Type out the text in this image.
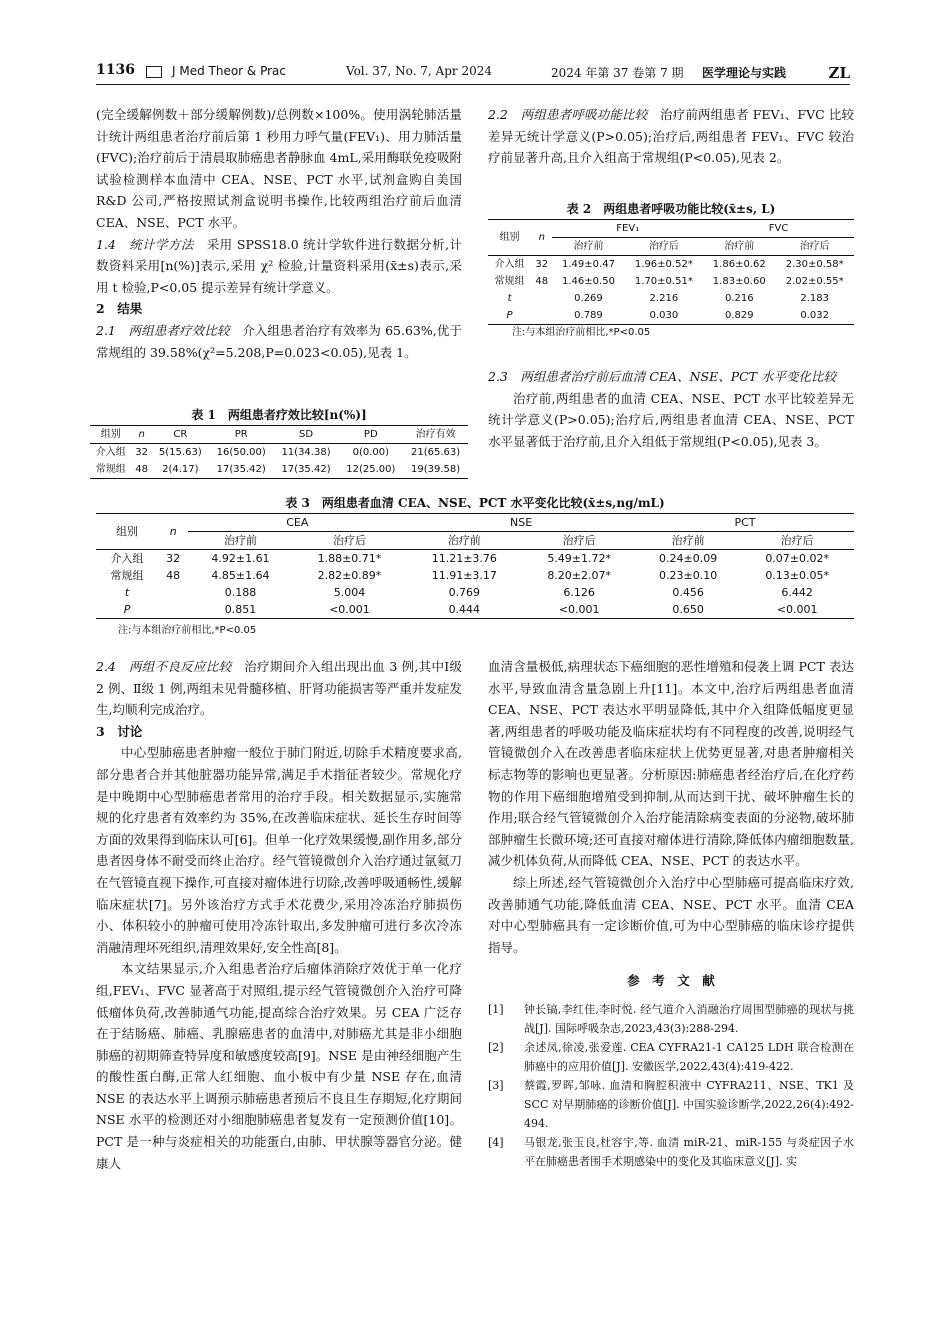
1136	J Med Theor & Prac	Vol. 37, No. 7, Apr 2024	2024 年第 37 卷第 7 期 医学理论与实践	ZL

(完全缓解例数＋部分缓解例数)/总例数×100%。使用涡轮肺活量计统计两组患者治疗前后第 1 秒用力呼气量(FEV₁)、用力肺活量(FVC);治疗前后于清晨取肺癌患者静脉血 4mL,采用酶联免疫吸附试验检测样本血清中 CEA、NSE、PCT 水平,试剂盒购自美国 R&D 公司,严格按照试剂盒说明书操作,比较两组治疗前后血清 CEA、NSE、PCT 水平。

1.4　统计学方法　采用 SPSS18.0 统计学软件进行数据分析,计数资料采用[n(%)]表示,采用 χ² 检验,计量资料采用(x̄±s)表示,采用 t 检验,P<0.05 提示差异有统计学意义。

2　结果

2.1　两组患者疗效比较　介入组患者治疗有效率为 65.63%,优于常规组的 39.58%(χ²=5.208,P=0.023<0.05),见表 1。

表 1　两组患者疗效比较[n(%)]
组别	n	CR	PR	SD	PD	治疗有效
介入组	32	5(15.63)	16(50.00)	11(34.38)	0(0.00)	21(65.63)
常规组	48	2(4.17)	17(35.42)	17(35.42)	12(25.00)	19(39.58)

2.2　两组患者呼吸功能比较　治疗前两组患者 FEV₁、FVC 比较差异无统计学意义(P>0.05);治疗后,两组患者 FEV₁、FVC 较治疗前显著升高,且介入组高于常规组(P<0.05),见表 2。

表 2　两组患者呼吸功能比较(x̄±s, L)
组别	n	FEV₁		FVC	
		治疗前	治疗后	治疗前	治疗后
介入组	32	1.49±0.47	1.96±0.52*	1.86±0.62	2.30±0.58*
常规组	48	1.46±0.50	1.70±0.51*	1.83±0.60	2.02±0.55*
t		0.269	2.216	0.216	2.183
P		0.789	0.030	0.829	0.032
注:与本组治疗前相比,*P<0.05

2.3　两组患者治疗前后血清 CEA、NSE、PCT 水平变化比较

治疗前,两组患者的血清 CEA、NSE、PCT 水平比较差异无统计学意义(P>0.05);治疗后,两组患者血清 CEA、NSE、PCT 水平显著低于治疗前,且介入组低于常规组(P<0.05),见表 3。

表 3　两组患者血清 CEA、NSE、PCT 水平变化比较(x̄±s,ng/mL)
组别	n	CEA		NSE		PCT	
		治疗前	治疗后	治疗前	治疗后	治疗前	治疗后
介入组	32	4.92±1.61	1.88±0.71*	11.21±3.76	5.49±1.72*	0.24±0.09	0.07±0.02*
常规组	48	4.85±1.64	2.82±0.89*	11.91±3.17	8.20±2.07*	0.23±0.10	0.13±0.05*
t		0.188	5.004	0.769	6.126	0.456	6.442
P		0.851	<0.001	0.444	<0.001	0.650	<0.001
注:与本组治疗前相比,*P<0.05

2.4　两组不良反应比较　治疗期间介入组出现出血 3 例,其中Ⅰ级 2 例、Ⅱ级 1 例,两组未见骨髓移植、肝肾功能损害等严重并发症发生,均顺利完成治疗。

3　讨论

中心型肺癌患者肿瘤一般位于肺门附近,切除手术精度要求高,部分患者合并其他脏器功能异常,满足手术指征者较少。常规化疗是中晚期中心型肺癌患者常用的治疗手段。相关数据显示,实施常规的化疗患者有效率约为 35%,在改善临床症状、延长生存时间等方面的效果得到临床认可[6]。但单一化疗效果缓慢,副作用多,部分患者因身体不耐受而终止治疗。经气管镜微创介入治疗通过氩氦刀在气管镜直视下操作,可直接对瘤体进行切除,改善呼吸通畅性,缓解临床症状[7]。另外该治疗方式手术花费少,采用冷冻治疗肺损伤小、体积较小的肿瘤可使用冷冻针取出,多发肿瘤可进行多次冷冻消融清理坏死组织,清理效果好,安全性高[8]。

本文结果显示,介入组患者治疗后瘤体消除疗效优于单一化疗组,FEV₁、FVC 显著高于对照组,提示经气管镜微创介入治疗可降低瘤体负荷,改善肺通气功能,提高综合治疗效果。另 CEA 广泛存在于结肠癌、肺癌、乳腺癌患者的血清中,对肺癌尤其是非小细胞肺癌的初期筛查特异度和敏感度较高[9]。NSE 是由神经细胞产生的酸性蛋白酶,正常人红细胞、血小板中有少量 NSE 存在,血清 NSE 的表达水平上调预示肺癌患者预后不良且生存期短,化疗期间 NSE 水平的检测还对小细胞肺癌患者复发有一定预测价值[10]。PCT 是一种与炎症相关的功能蛋白,由肺、甲状腺等器官分泌。健康人

血清含量极低,病理状态下癌细胞的恶性增殖和侵袭上调 PCT 表达水平,导致血清含量急剧上升[11]。本文中,治疗后两组患者血清 CEA、NSE、PCT 表达水平明显降低,其中介入组降低幅度更显著,两组患者的呼吸功能及临床症状均有不同程度的改善,说明经气管镜微创介入在改善患者临床症状上优势更显著,对患者肿瘤相关标志物等的影响也更显著。分析原因:肺癌患者经治疗后,在化疗药物的作用下癌细胞增殖受到抑制,从而达到干扰、破坏肿瘤生长的作用;联合经气管镜微创介入治疗能清除病变表面的分泌物,破坏肺部肿瘤生长微环境;还可直接对瘤体进行清除,降低体内瘤细胞数量,减少机体负荷,从而降低 CEA、NSE、PCT 的表达水平。

综上所述,经气管镜微创介入治疗中心型肺癌可提高临床疗效,改善肺通气功能,降低血清 CEA、NSE、PCT 水平。血清 CEA 对中心型肺癌具有一定诊断价值,可为中心型肺癌的临床诊疗提供指导。

参　考　文　献

[1]	钟长镐,李红佳,李时悦. 经气道介入消融治疗周围型肺癌的现状与挑战[J]. 国际呼吸杂志,2023,43(3):288-294.
[2]	余述凤,徐凌,张爱莲. CEA CYFRA21-1 CA125 LDH 联合检测在肺癌中的应用价值[J]. 安徽医学,2022,43(4):419-422.
[3]	蔡霞,罗晖,邹咏. 血清和胸腔积液中 CYFRA211、NSE、TK1 及 SCC 对早期肺癌的诊断价值[J]. 中国实验诊断学,2022,26(4):492-494.
[4]	马银龙,张玉良,杜容宇,等. 血清 miR-21、miR-155 与炎症因子水平在肺癌患者围手术期感染中的变化及其临床意义[J]. 实
